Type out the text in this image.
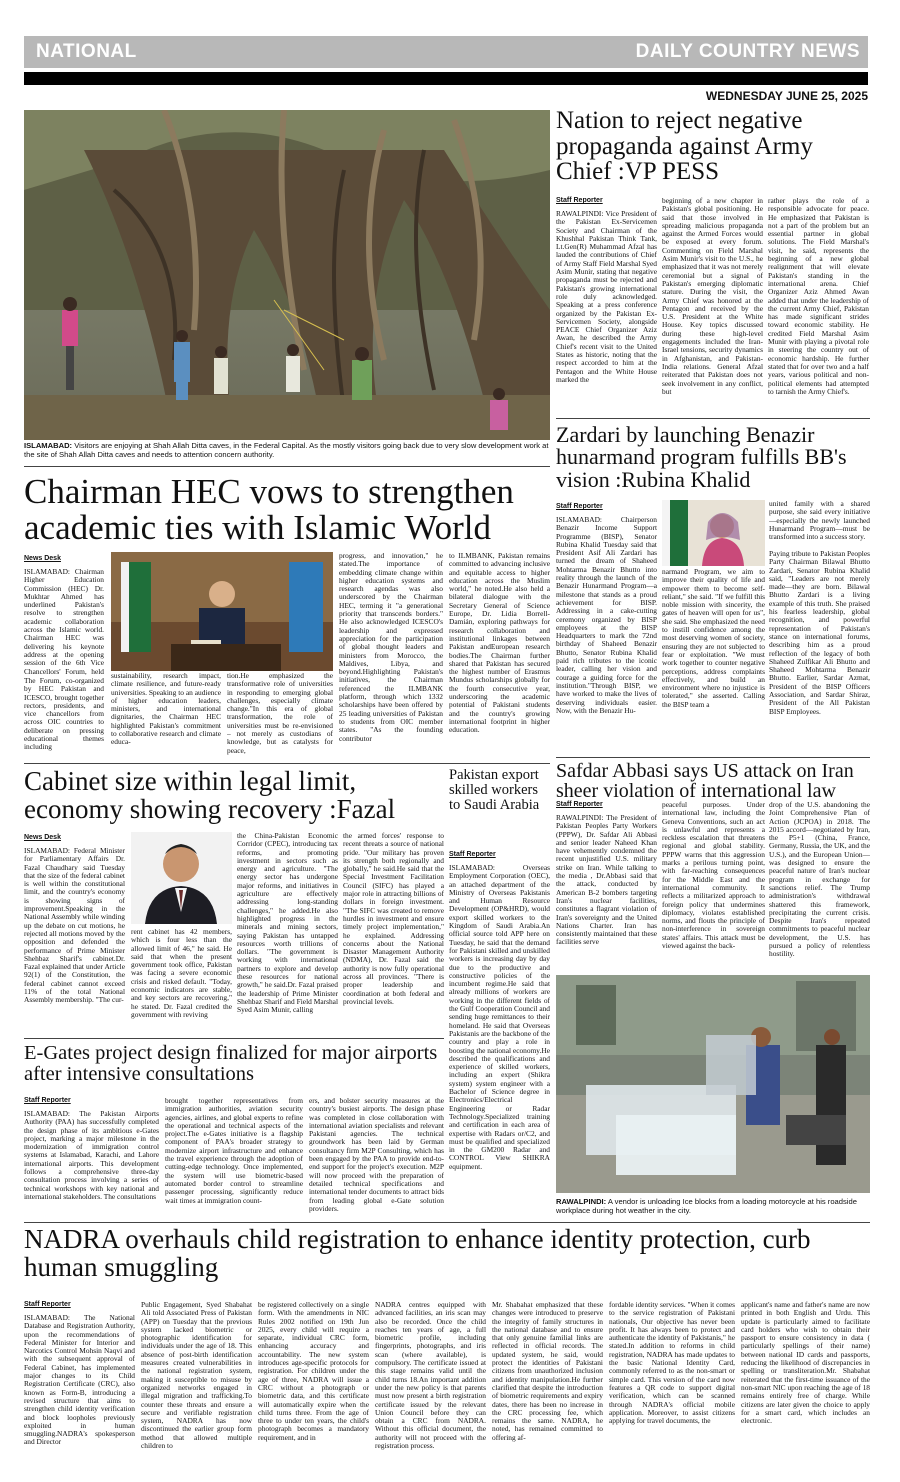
NATIONAL	DAILY COUNTRY NEWS
WEDNESDAY JUNE 25, 2025
ISLAMABAD: Visitors are enjoying at Shah Allah Ditta caves, in the Federal Capital. As the mostly visitors going back due to very slow development work at the site of Shah Allah Ditta caves and needs to attention concern authority.
Nation to reject negative propaganda against Army Chief :VP PESS
Staff Reporter
RAWALPINDI: Vice President of the Pakistan Ex-Servicemen Society and Chairman of the Khushhal Pakistan Think Tank, Lt.Gen(R) Muhammad Afzal has lauded the contributions of Chief of Army Staff Field Marshal Syed Asim Munir, stating that negative propaganda must be rejected and Pakistan's growing international role duly acknowledged. Speaking at a press conference organized by the Pakistan Ex-Servicemen Society, alongside PEACE Chief Organizer Aziz Awan, he described the Army Chief's recent visit to the United States as historic, noting that the respect accorded to him at the Pentagon and the White House marked the
beginning of a new chapter in Pakistan's global positioning. He said that those involved in spreading malicious propaganda against the Armed Forces would be exposed at every forum. Commenting on Field Marshal Asim Munir's visit to the U.S., he emphasized that it was not merely ceremonial but a signal of Pakistan's emerging diplomatic stature. During the visit, the Army Chief was honored at the Pentagon and received by the U.S. President at the White House. Key topics discussed during these high-level engagements included the Iran-Israel tensions, security dynamics in Afghanistan, and Pakistan-India relations. General Afzal reiterated that Pakistan does not seek involvement in any conflict, but
rather plays the role of a responsible advocate for peace. He emphasized that Pakistan is not a part of the problem but an essential partner in global solutions. The Field Marshal's visit, he said, represents the beginning of a new global realignment that will elevate Pakistan's standing in the international arena. Chief Organizer Aziz Ahmed Awan added that under the leadership of the current Army Chief, Pakistan has made significant strides toward economic stability. He credited Field Marshal Asim Munir with playing a pivotal role in steering the country out of economic hardship. He further stated that for over two and a half years, various political and non-political elements had attempted to tarnish the Army Chief's.
Chairman HEC vows to strengthen academic ties with Islamic World
News Desk
ISLAMABAD: Chairman Higher Education Commission (HEC) Dr. Mukhtar Ahmed has underlined Pakistan's resolve to strengthen academic collaboration across the Islamic world. Chairman HEC was delivering his keynote address at the opening session of the 6th Vice Chancellors' Forum, held
The Forum, co-organized by HEC Pakistan and ICESCO, brought together rectors, presidents, and vice chancellors from across OIC countries to deliberate on pressing educational themes including
sustainability, research impact, climate resilience, and future-ready universities. Speaking to an audience of higher education leaders, ministers, and international dignitaries, the Chairman HEC highlighted Pakistan's commitment to collaborative research and climate educa-
tion.He emphasized the transformative role of universities in responding to emerging global challenges, especially climate change."In this era of global transformation, the role of universities must be re-envisioned – not merely as custodians of knowledge, but as catalysts for peace,
progress, and innovation," he stated.The importance of embedding climate change within higher education systems and research agendas was also underscored by the Chairman HEC, terming it "a generational priority that transcends borders." He also acknowledged ICESCO's leadership and expressed appreciation for the participation of global thought leaders and ministers from Morocco, the Maldives, Libya, and beyond.Highlighting Pakistan's initiatives, the Chairman referenced the ILMBANK platform, through which 1332 scholarships have been offered by 25 leading universities of Pakistan to students from OIC member states. "As the founding contributor
to ILMBANK, Pakistan remains committed to advancing inclusive and equitable access to higher education across the Muslim world," he noted.He also held a bilateral dialogue with the Secretary General of Science Europe, Dr. Lidia Borrell-Damián, exploring pathways for research collaboration and institutional linkages between Pakistan andEuropean research bodies.The Chairman further shared that Pakistan has secured the highest number of Erasmus Mundus scholarships globally for the fourth consecutive year, underscoring the academic potential of Pakistani students and the country's growing international footprint in higher education.
Zardari by launching Benazir hunarmand program fulfills BB's vision :Rubina Khalid
Staff Reporter
ISLAMABAD: Chairperson Benazir Income Support Programme (BISP), Senator Rubina Khalid Tuesday said that President Asif Ali Zardari has turned the dream of Shaheed Mohtarma Benazir Bhutto into reality through the launch of the Benazir Hunarmand Program—a milestone that stands as a proud achievement for BISP. Addressing in a cake-cutting ceremony organized by BISP employees at the BISP Headquarters to mark the 72nd birthday of Shaheed Benazir Bhutto, Senator Rubina Khalid paid rich tributes to the iconic leader, calling her vision and courage a guiding force for the institution."Through BISP, we have worked to make the lives of deserving individuals easier. Now, with the Benazir Hu-
narmand Program, we aim to improve their quality of life and empower them to become self-reliant," she said. "If we fulfill this noble mission with sincerity, the gates of heaven will open for us", she said. She emphasized the need to instill confidence among the most deserving women of society, ensuring they are not subjected to fear or exploitation. "We must work together to counter negative perceptions, address complaints effectively, and build an environment where no injustice is tolerated," she asserted. Calling the BISP team a
united family with a shared purpose, she said every initiative—especially the newly launched Hunarmand Program—must be transformed into a success story.
Paying tribute to Pakistan Peoples Party Chairman Bilawal Bhutto Zardari, Senator Rubina Khalid said, "Leaders are not merely made—they are born. Bilawal Bhutto Zardari is a living example of this truth. She praised his fearless leadership, global recognition, and powerful representation of Pakistan's stance on international forums, describing him as a proud reflection of the legacy of both Shaheed Zulfikar Ali Bhutto and Shaheed Mohtarma Benazir Bhutto. Earlier, Sardar Azmat, President of the BISP Officers Association, and Sardar Shiraz, President of the All Pakistan BISP Employees.
Cabinet size within legal limit, economy showing recovery :Fazal
News Desk
ISLAMABAD: Federal Minister for Parliamentary Affairs Dr. Fazal Chaudhary said Tuesday that the size of the federal cabinet is well within the constitutional limit, and the country's economy is showing signs of improvement.Speaking in the National Assembly while winding up the debate on cut motions, he rejected all motions moved by the opposition and defended the performance of Prime Minister Shehbaz Sharif's cabinet.Dr. Fazal explained that under Article 92(1) of the Constitution, the federal cabinet cannot exceed 11% of the total National Assembly membership. "The cur-
rent cabinet has 42 members, which is four less than the allowed limit of 46," he said. He said that when the present government took office, Pakistan was facing a severe economic crisis and risked default. "Today, economic indicators are stable, and key sectors are recovering," he stated. Dr. Fazal credited the government with reviving
the China-Pakistan Economic Corridor (CPEC), introducing tax reforms, and promoting investment in sectors such as energy and agriculture. "The energy sector has undergone major reforms, and initiatives in agriculture are effectively addressing long-standing challenges," he added.He also highlighted progress in the minerals and mining sectors, saying Pakistan has untapped resources worth trillions of dollars. "The government is working with international partners to explore and develop these resources for national growth," he said.Dr. Fazal praised the leadership of Prime Minister Shehbaz Sharif and Field Marshal Syed Asim Munir, calling
the armed forces' response to recent threats a source of national pride. "Our military has proven its strength both regionally and globally," he said.He said that the Special Investment Facilitation Council (SIFC) has played a major role in attracting billions of dollars in foreign investment. "The SIFC was created to remove hurdles in investment and ensure timely project implementation," he explained. Addressing concerns about the National Disaster Management Authority (NDMA), Dr. Fazal said the authority is now fully operational across all provinces. "There is proper leadership and coordination at both federal and provincial levels.
Pakistan export skilled workers to Saudi Arabia
Staff Reporter
ISLAMABAD: Overseas Employment Corporation (OEC), an attached department of the Ministry of Overseas Pakistanis and Human Resource Development (OP&HRD), would export skilled workers to the Kingdom of Saudi Arabia.An official source told APP here on Tuesday, he said that the demand for Pakistani skilled and unskilled workers is increasing day by day due to the productive and constructive policies of the incumbent regime.He said that already millions of workers are working in the different fields of the Gulf Cooperation Council and sending huge remittances to their homeland. He said that Overseas Pakistanis are the backbone of the country and play a role in boosting the national economy.He described the qualifications and experience of skilled workers, including an expert (Shikra system) system engineer with a Bachelor of Science degree in Electronics/Electrical Engineering or Radar Technology.Specialized training and certification in each area of expertise with Radars or/C2, and must be qualified and specialized in the GM200 Radar and CONTROL View SHIKRA equipment.
Safdar Abbasi says US attack on Iran sheer violation of international law
Staff Reporter
RAWALPINDI: The President of Pakistan Peoples Party Workers (PPPW), Dr. Safdar Ali Abbasi and senior leader Naheed Khan have vehemently condemned the recent unjustified U.S. military strike on Iran. While talking to the media , Dr.Abbasi said that the attack, conducted by American B-2 bombers targeting Iran's nuclear facilities, constitutes a flagrant violation of Iran's sovereignty and the United Nations Charter. Iran has consistently maintained that these facilities serve
peaceful purposes. Under international law, including the Geneva Conventions, such an act is unlawful and represents a reckless escalation that threatens regional and global stability. PPPW warns that this aggression marks a perilous turning point, with far-reaching consequences for the Middle East and the international community. It reflects a militarized approach to foreign policy that undermines diplomacy, violates established norms, and flouts the principle of non-interference in sovereign states' affairs. This attack must be viewed against the back-
drop of the U.S. abandoning the Joint Comprehensive Plan of Action (JCPOA) in 2018. The 2015 accord—negotiated by Iran, the P5+1 (China, France, Germany, Russia, the UK, and the U.S.), and the European Union—was designed to ensure the peaceful nature of Iran's nuclear program in exchange for sanctions relief. The Trump administration's withdrawal shattered this framework, precipitating the current crisis. Despite Iran's repeated commitments to peaceful nuclear development, the U.S. has pursued a policy of relentless hostility.
RAWALPINDI: A vendor is unloading Ice blocks from a loading motorcycle at his roadside workplace during hot weather in the city.
E-Gates project design finalized for major airports after intensive consultations
Staff Reporter
ISLAMABAD: The Pakistan Airports Authority (PAA) has successfully completed the design phase of its ambitious e-Gates project, marking a major milestone in the modernization of immigration control systems at Islamabad, Karachi, and Lahore international airports. This development follows a comprehensive three-day consultation process involving a series of technical workshops with key national and international stakeholders. The consultations
brought together representatives from immigration authorities, aviation security agencies, airlines, and global experts to refine the operational and technical aspects of the project.The e-Gates initiative is a flagship component of PAA's broader strategy to modernize airport infrastructure and enhance the travel experience through the adoption of cutting-edge technology. Once implemented, the system will use biometric-based automated border control to streamline passenger processing, significantly reduce wait times at immigration count-
ers, and bolster security measures at the country's busiest airports. The design phase was completed in close collaboration with international aviation specialists and relevant Pakistani agencies. The technical groundwork has been laid by German consultancy firm M2P Consulting, which has been engaged by the PAA to provide end-to-end support for the project's execution. M2P will now proceed with the preparation of detailed technical specifications and international tender documents to attract bids from leading global e-Gate solution providers.
NADRA overhauls child registration to enhance identity protection, curb human smuggling
Staff Reporter
ISLAMABAD: The National Database and Registration Authority, upon the recommendations of Federal Minister for Interior and Narcotics Control Mohsin Naqvi and with the subsequent approval of Federal Cabinet, has implemented major changes to its Child Registration Certificate (CRC), also known as Form-B, introducing a revised structure that aims to strengthen child identity verification and block loopholes previously exploited in human smuggling.NADRA's spokesperson and Director
Public Engagement, Syed Shabahat Ali told Associated Press of Pakistan (APP) on Tuesday that the previous system lacked biometric or photographic identification for individuals under the age of 18. This absence of post-birth identification measures created vulnerabilities in the national registration system, making it susceptible to misuse by organized networks engaged in illegal migration and trafficking.To counter these threats and ensure a secure and verifiable registration system, NADRA has now discontinued the earlier group form method that allowed multiple children to
be registered collectively on a single form. With the amendments in NIC Rules 2002 notified on 19th Jun 2025, every child will require a separate, individual CRC form, enhancing accuracy and accountability. The new system introduces age-specific protocols for registration. For children under the age of three, NADRA will issue a CRC without a photograph or biometric data, and this certificate will automatically expire when the child turns three. From the age of three to under ten years, the child's photograph becomes a mandatory requirement, and in
NADRA centres equipped with advanced facilities, an iris scan may also be recorded. Once the child reaches ten years of age, a full biometric profile, including fingerprints, photographs, and iris scan (where available), is compulsory. The certificate issued at this stage remains valid until the child turns 18.An important addition under the new policy is that parents must now present a birth registration certificate issued by the relevant Union Council before they can obtain a CRC from NADRA. Without this official document, the authority will not proceed with the registration process.
Mr. Shabahat emphasized that these changes were introduced to preserve the integrity of family structures in the national database and to ensure that only genuine familial links are reflected in official records. The updated system, he said, would protect the identities of Pakistani citizens from unauthorized inclusion and identity manipulation.He further clarified that despite the introduction of biometric requirements and expiry dates, there has been no increase in the CRC processing fee, which remains the same. NADRA, he noted, has remained committed to offering af-
fordable identity services. "When it comes to the service registration of Pakistani nationals, Our objective has never been profit. It has always been to protect and authenticate the identity of Pakistanis," he stated.In addition to reforms in child registration, NADRA has made updates to the basic National Identity Card, commonly referred to as the non-smart or simple card. This version of the card now features a QR code to support digital verification, which can be scanned through NADRA's official mobile application. Moreover, to assist citizens applying for travel documents, the
applicant's name and father's name are now printed in both English and Urdu. This update is particularly aimed to facilitate card holders who wish to obtain their passport to ensure consistency in data ( particularly spellings of their name) between national ID cards and passports, reducing the likelihood of discrepancies in spelling or transliteration.Mr. Shabahat reiterated that the first-time issuance of the non-smart NIC upon reaching the age of 18 remains entirely free of charge. While citizens are later given the choice to apply for a smart card, which includes an electronic.
